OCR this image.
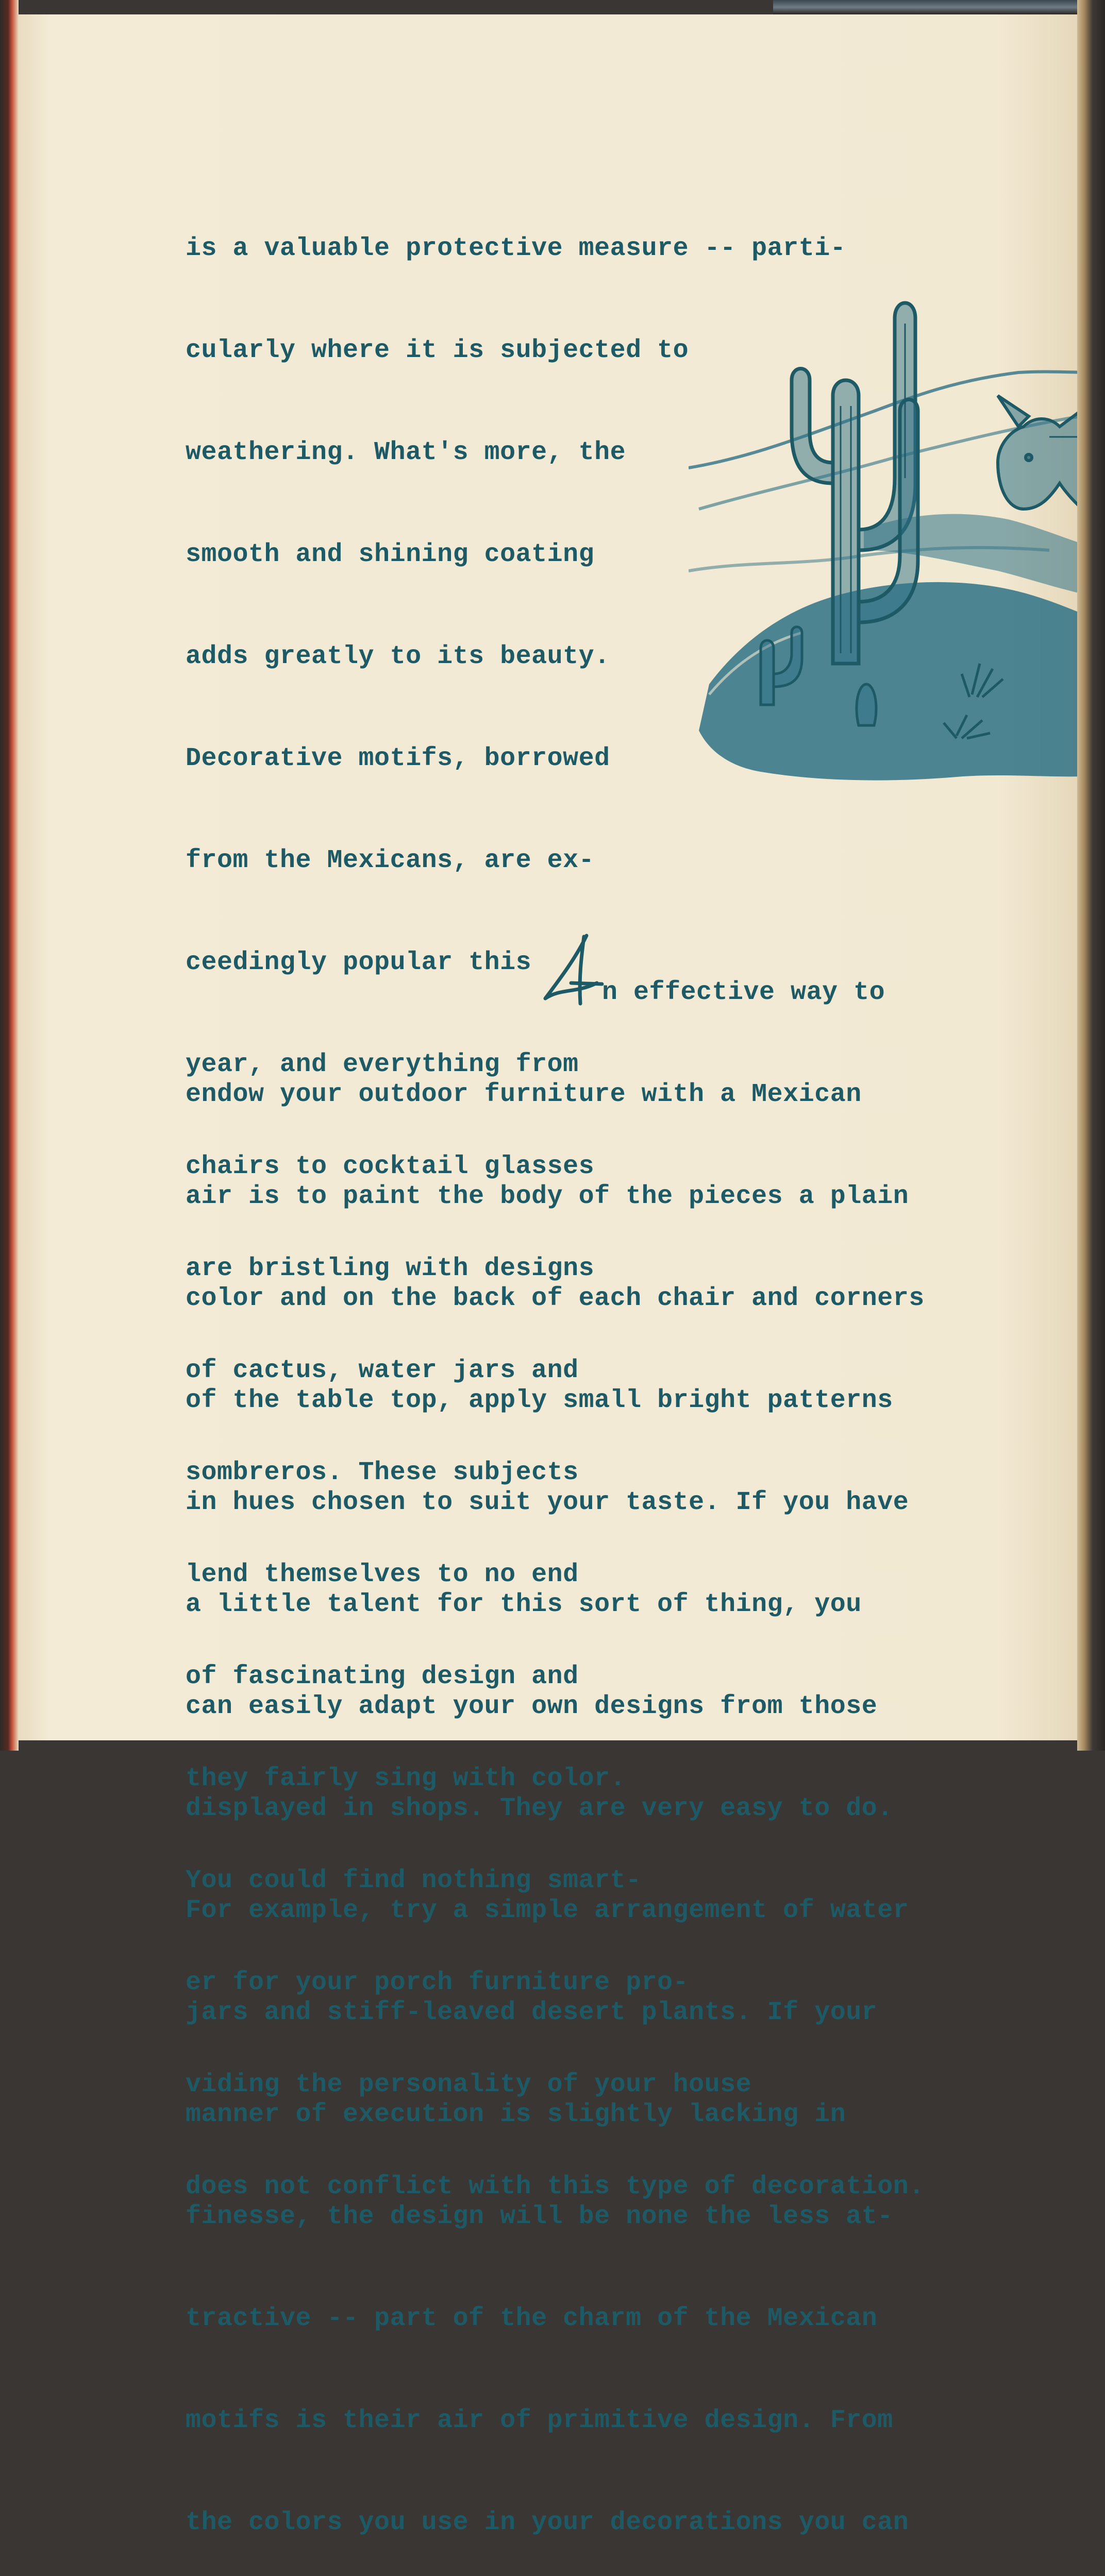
is a valuable protective measure -- parti-

cularly where it is subjected to

weathering. What's more, the

smooth and shining coating

adds greatly to its beauty.

Decorative motifs, borrowed

from the Mexicans, are ex-

ceedingly popular this

year, and everything from

chairs to cocktail glasses

are bristling with designs

of cactus, water jars and

sombreros. These subjects

lend themselves to no end

of fascinating design and

they fairly sing with color.

You could find nothing smart-

er for your porch furniture pro-

viding the personality of your house

does not conflict with this type of decoration.

n effective way to

endow your outdoor furniture with a Mexican

air is to paint the body of the pieces a plain

color and on the back of each chair and corners

of the table top, apply small bright patterns

in hues chosen to suit your taste. If you have

a little talent for this sort of thing, you

can easily adapt your own designs from those

displayed in shops. They are very easy to do.

For example, try a simple arrangement of water

jars and stiff-leaved desert plants. If your

manner of execution is slightly lacking in

finesse, the design will be none the less at-

tractive -- part of the charm of the Mexican

motifs is their air of primitive design. From

the colors you use in your decorations you can
